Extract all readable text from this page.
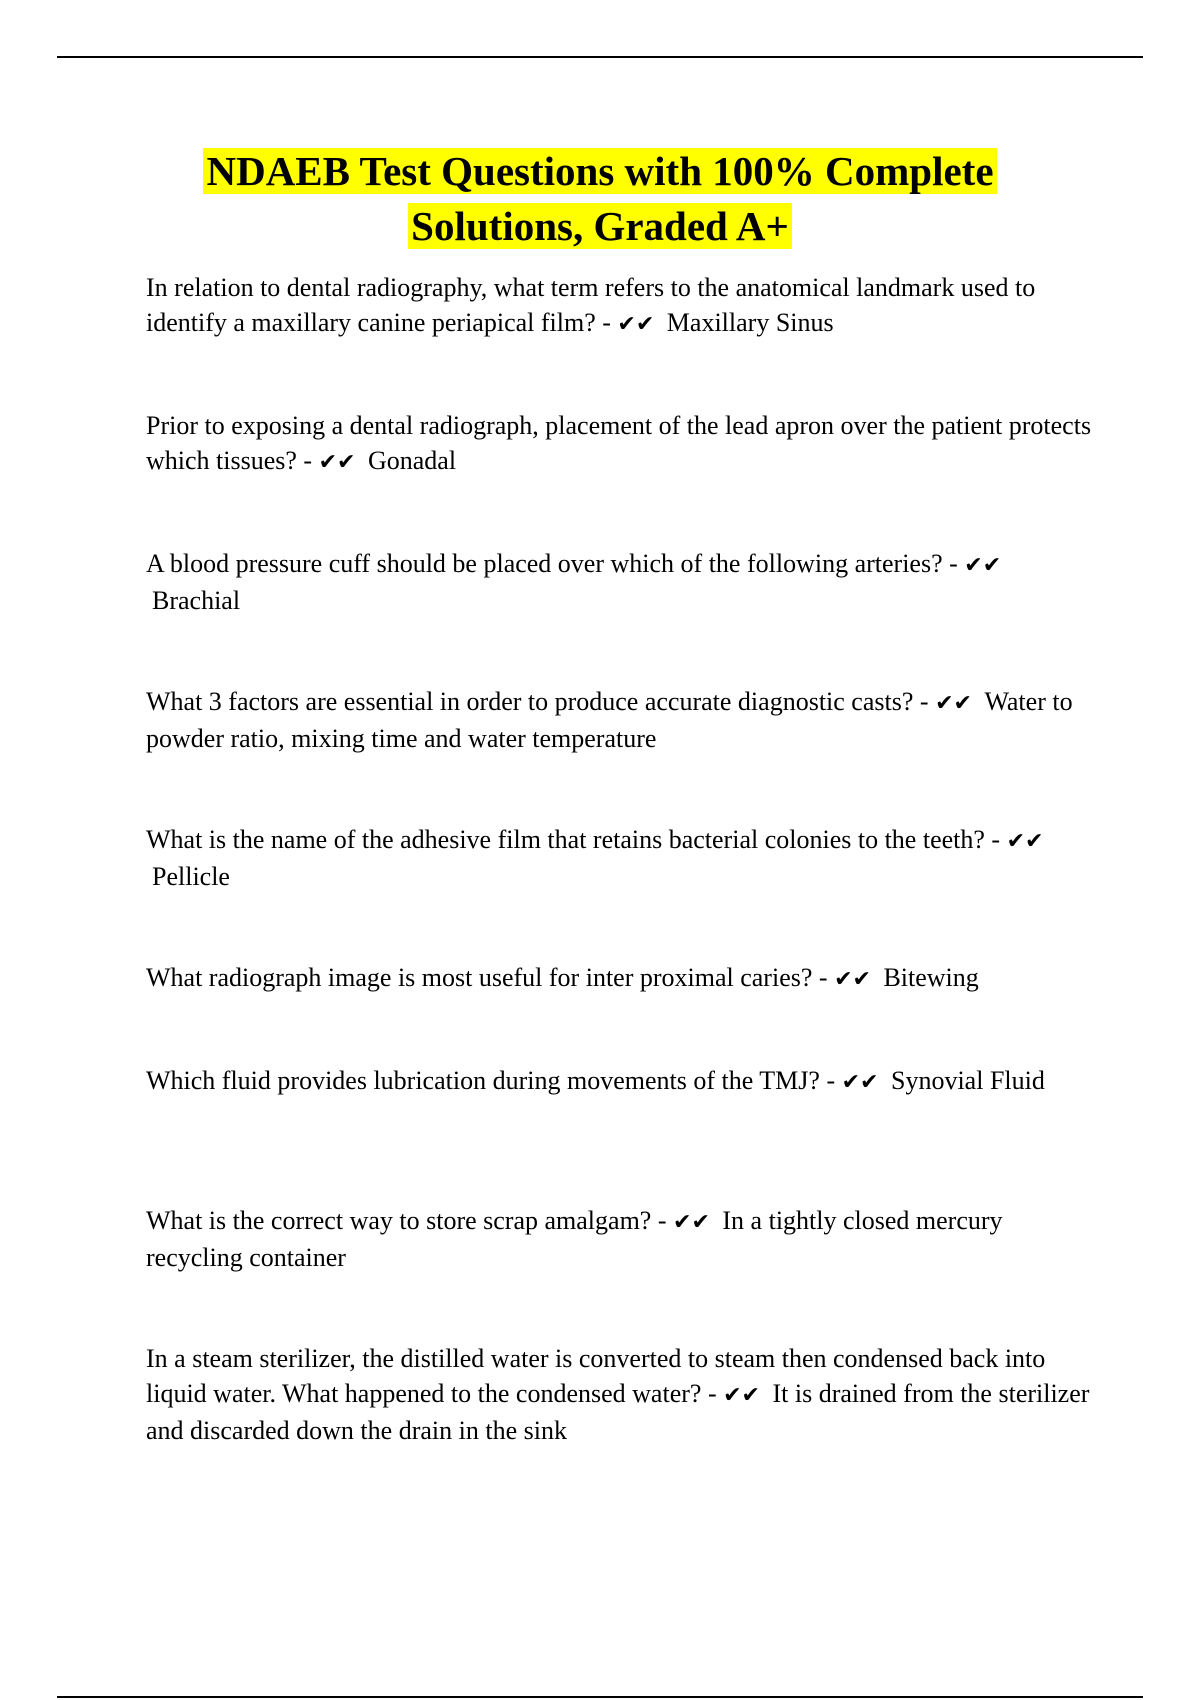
NDAEB Test Questions with 100% Complete
Solutions, Graded A+

In relation to dental radiography, what term refers to the anatomical landmark used to identify a maxillary canine periapical film? - ✔✔ Maxillary Sinus

Prior to exposing a dental radiograph, placement of the lead apron over the patient protects which tissues? - ✔✔ Gonadal

A blood pressure cuff should be placed over which of the following arteries? - ✔✔ Brachial

What 3 factors are essential in order to produce accurate diagnostic casts? - ✔✔ Water to powder ratio, mixing time and water temperature

What is the name of the adhesive film that retains bacterial colonies to the teeth? - ✔✔ Pellicle

What radiograph image is most useful for inter proximal caries? - ✔✔ Bitewing

Which fluid provides lubrication during movements of the TMJ? - ✔✔ Synovial Fluid

What is the correct way to store scrap amalgam? - ✔✔ In a tightly closed mercury recycling container

In a steam sterilizer, the distilled water is converted to steam then condensed back into liquid water. What happened to the condensed water? - ✔✔ It is drained from the sterilizer and discarded down the drain in the sink
